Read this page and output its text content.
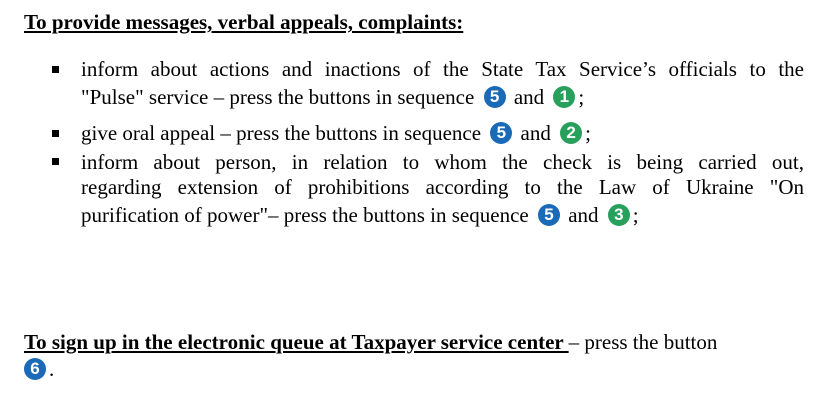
To provide messages, verbal appeals, complaints:
inform about actions and inactions of the State Tax Service’s officials to the
"Pulse" service – press the buttons in sequence 5 and 1 ;
give oral appeal – press the buttons in sequence 5 and 2 ;
inform about person, in relation to whom the check is being carried out,
regarding extension of prohibitions according to the Law of Ukraine "On
purification of power"– press the buttons in sequence 5 and 3 ;
To sign up in the electronic queue at Taxpayer service center – press the button
6 .
